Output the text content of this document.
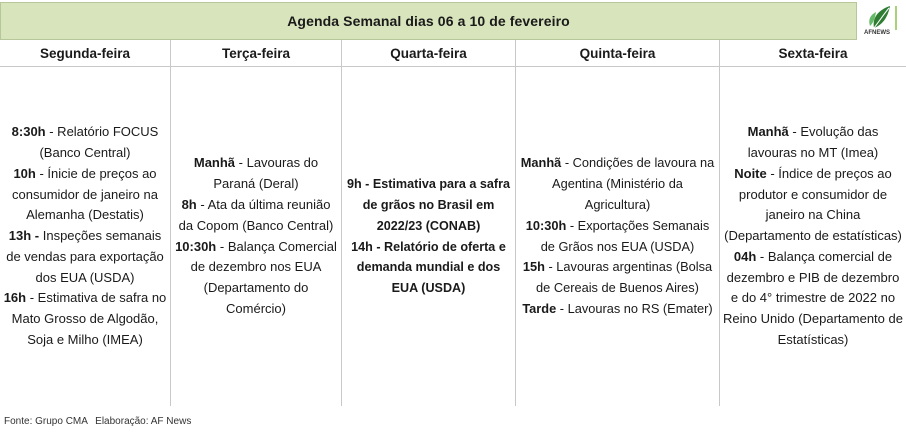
Agenda Semanal dias 06 a 10 de fevereiro
AFNEWS
Segunda-feira

8:30h - Relatório FOCUS (Banco Central)

10h - Ínicie de preços ao consumidor de janeiro na Alemanha (Destatis)

13h - Inspeções semanais de vendas para exportação dos EUA (USDA)

16h - Estimativa de safra no Mato Grosso de Algodão, Soja e Milho (IMEA)

Terça-feira

Manhã - Lavouras do Paraná (Deral)

8h - Ata da última reunião da Copom (Banco Central)

10:30h - Balança Comercial de dezembro nos EUA (Departamento do Comércio)

Quarta-feira

9h - Estimativa para a safra de grãos no Brasil em 2022/23 (CONAB)

14h - Relatório de oferta e demanda mundial e dos EUA (USDA)

Quinta-feira

Manhã - Condições de lavoura na Agentina (Ministério da Agricultura)

10:30h - Exportações Semanais de Grãos nos EUA (USDA)

15h - Lavouras argentinas (Bolsa de Cereais de Buenos Aires)

Tarde - Lavouras no RS (Emater)

Sexta-feira

Manhã - Evolução das lavouras no MT (Imea)

Noite - Índice de preços ao produtor e consumidor de janeiro na China (Departamento de estatísticas)

04h - Balança comercial de dezembro e PIB de dezembro e do 4° trimestre de 2022 no Reino Unido (Departamento de Estatísticas)

Fonte: Grupo CMA Elaboração: AF News
